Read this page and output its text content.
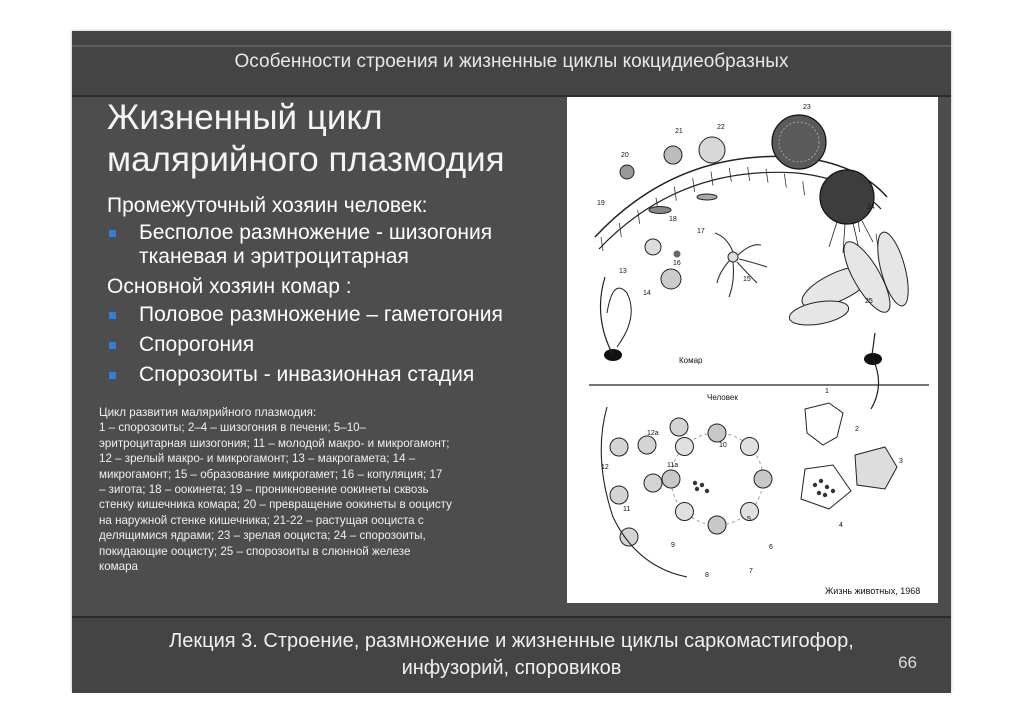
Особенности строения и жизненные циклы кокцидиеобразных
Жизненный цикл
малярийного плазмодия
Промежуточный хозяин человек:
Бесполое размножение - шизогония
тканевая и эритроцитарная
Основной хозяин комар :
Половое размножение – гаметогония
Спорогония
Спорозоиты - инвазионная стадия
Цикл развития малярийного плазмодия:
1 – спорозоиты; 2–4 – шизогония в печени; 5–10–
эритроцитарная шизогония; 11 – молодой макро- и микрогамонт;
12 – зрелый макро- и микрогамонт; 13 – макрогамета; 14 –
микрогамонт; 15 – образование микрогамет; 16 – копуляция; 17
– зигота; 18 – оокинета; 19 – проникновение оокинеты сквозь
стенку кишечника комара; 20 – превращение оокинеты в ооцисту
на наружной стенке кишечника; 21-22 – растущая ооциста с
делящимися ядрами; 23 – зрелая ооциста; 24 – спорозоиты,
покидающие ооцисту; 25 – спорозоиты в слюнной железе
комара
Комар
Человек
Жизнь животных, 1968
1
2
3
4
5
6
7
8
9
10
11
11а
12
12а
13
14
15
16
17
18
19
20
21
22
23
24
25
Лекция 3. Строение, размножение и жизненные циклы саркомастигофор,
инфузорий, споровиков	66
